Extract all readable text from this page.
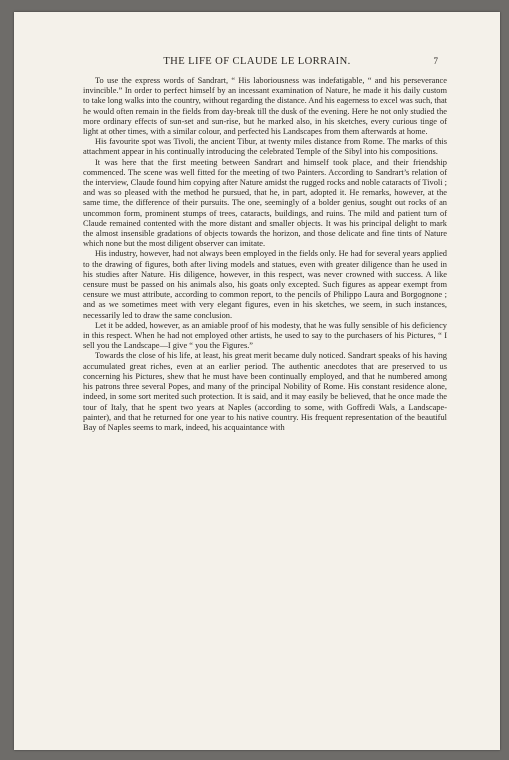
THE LIFE OF CLAUDE LE LORRAIN.	7

To use the express words of Sandrart, “ His laboriousness was indefatigable, “ and his perseverance invincible.” In order to perfect himself by an incessant examination of Nature, he made it his daily custom to take long walks into the country, without regarding the distance. And his eagerness to excel was such, that he would often remain in the fields from day-break till the dusk of the evening. Here he not only studied the more ordinary effects of sun-set and sun-rise, but he marked also, in his sketches, every curious tinge of light at other times, with a similar colour, and perfected his Landscapes from them afterwards at home.

His favourite spot was Tivoli, the ancient Tibur, at twenty miles distance from Rome. The marks of this attachment appear in his continually introducing the celebrated Temple of the Sibyl into his compositions.

It was here that the first meeting between Sandrart and himself took place, and their friendship commenced. The scene was well fitted for the meeting of two Painters. According to Sandrart’s relation of the interview, Claude found him copying after Nature amidst the rugged rocks and noble cataracts of Tivoli ; and was so pleased with the method he pursued, that he, in part, adopted it. He remarks, however, at the same time, the difference of their pursuits. The one, seemingly of a bolder genius, sought out rocks of an uncommon form, prominent stumps of trees, cataracts, buildings, and ruins. The mild and patient turn of Claude remained contented with the more distant and smaller objects. It was his principal delight to mark the almost insensible gradations of objects towards the horizon, and those delicate and fine tints of Nature which none but the most diligent observer can imitate.

His industry, however, had not always been employed in the fields only. He had for several years applied to the drawing of figures, both after living models and statues, even with greater diligence than he used in his studies after Nature. His diligence, however, in this respect, was never crowned with success. A like censure must be passed on his animals also, his goats only excepted. Such figures as appear exempt from censure we must attribute, according to common report, to the pencils of Philippo Laura and Borgognone ; and as we sometimes meet with very elegant figures, even in his sketches, we seem, in such instances, necessarily led to draw the same conclusion.

Let it be added, however, as an amiable proof of his modesty, that he was fully sensible of his deficiency in this respect. When he had not employed other artists, he used to say to the purchasers of his Pictures, “ I sell you the Landscape—I give “ you the Figures.”

Towards the close of his life, at least, his great merit became duly noticed. Sandrart speaks of his having accumulated great riches, even at an earlier period. The authentic anecdotes that are preserved to us concerning his Pictures, shew that he must have been continually employed, and that he numbered among his patrons three several Popes, and many of the principal Nobility of Rome. His constant residence alone, indeed, in some sort merited such protection. It is said, and it may easily be believed, that he once made the tour of Italy, that he spent two years at Naples (according to some, with Goffredi Wals, a Landscape-painter), and that he returned for one year to his native country. His frequent representation of the beautiful Bay of Naples seems to mark, indeed, his acquaintance with
